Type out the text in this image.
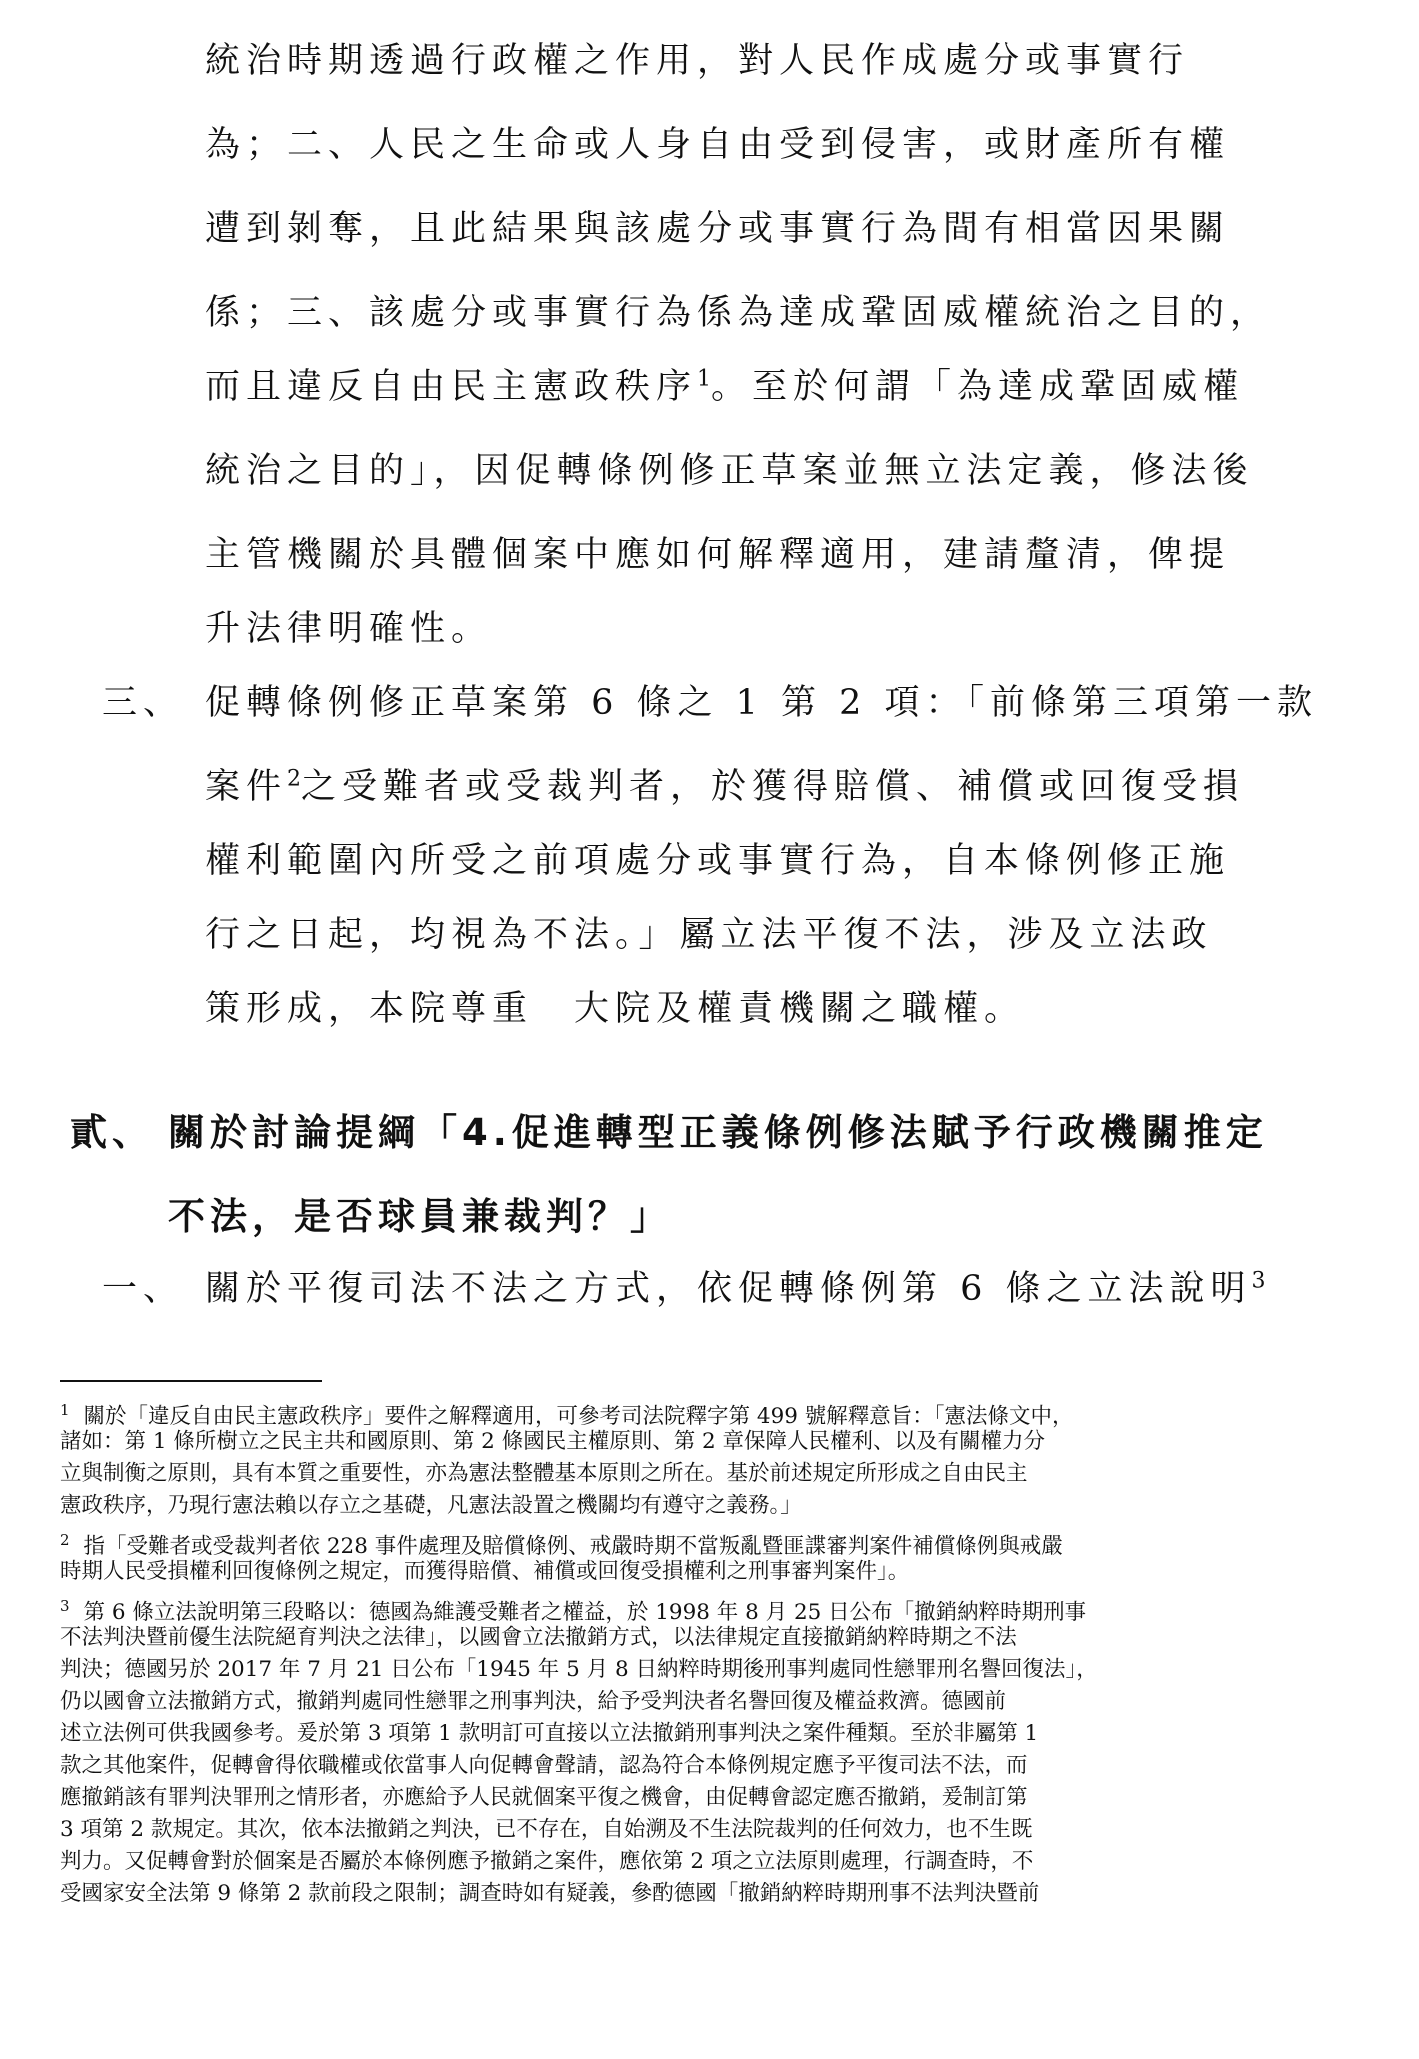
統治時期透過行政權之作用，對人民作成處分或事實行
為；二、人民之生命或人身自由受到侵害，或財產所有權
遭到剝奪，且此結果與該處分或事實行為間有相當因果關
係；三、該處分或事實行為係為達成鞏固威權統治之目的，
而且違反自由民主憲政秩序$^1$。至於何謂「為達成鞏固威權
統治之目的」，因促轉條例修正草案並無立法定義，修法後
主管機關於具體個案中應如何解釋適用，建請釐清，俾提
升法律明確性。
三、 促轉條例修正草案第 6 條之 1 第 2 項：「前條第三項第一款
案件$^2$之受難者或受裁判者，於獲得賠償、補償或回復受損
權利範圍內所受之前項處分或事實行為，自本條例修正施
行之日起，均視為不法。」屬立法平復不法，涉及立法政
策形成，本院尊重　大院及權責機關之職權。
貳、 關於討論提綱「4.促進轉型正義條例修法賦予行政機關推定
不法，是否球員兼裁判？」
一、 關於平復司法不法之方式，依促轉條例第 6 條之立法說明$^3$
$^1$ 關於「違反自由民主憲政秩序」要件之解釋適用，可參考司法院釋字第 499 號解釋意旨：「憲法條文中，
諸如：第 1 條所樹立之民主共和國原則、第 2 條國民主權原則、第 2 章保障人民權利、以及有關權力分
立與制衡之原則，具有本質之重要性，亦為憲法整體基本原則之所在。基於前述規定所形成之自由民主
憲政秩序，乃現行憲法賴以存立之基礎，凡憲法設置之機關均有遵守之義務。」
$^2$ 指「受難者或受裁判者依 228 事件處理及賠償條例、戒嚴時期不當叛亂暨匪諜審判案件補償條例與戒嚴
時期人民受損權利回復條例之規定，而獲得賠償、補償或回復受損權利之刑事審判案件」。
$^3$ 第 6 條立法說明第三段略以：德國為維護受難者之權益，於 1998 年 8 月 25 日公布「撤銷納粹時期刑事
不法判決暨前優生法院絕育判決之法律」，以國會立法撤銷方式，以法律規定直接撤銷納粹時期之不法
判決；德國另於 2017 年 7 月 21 日公布「1945 年 5 月 8 日納粹時期後刑事判處同性戀罪刑名譽回復法」，
仍以國會立法撤銷方式，撤銷判處同性戀罪之刑事判決，給予受判決者名譽回復及權益救濟。德國前
述立法例可供我國參考。爰於第 3 項第 1 款明訂可直接以立法撤銷刑事判決之案件種類。至於非屬第 1
款之其他案件，促轉會得依職權或依當事人向促轉會聲請，認為符合本條例規定應予平復司法不法，而
應撤銷該有罪判決罪刑之情形者，亦應給予人民就個案平復之機會，由促轉會認定應否撤銷，爰制訂第
3 項第 2 款規定。其次，依本法撤銷之判決，已不存在，自始溯及不生法院裁判的任何效力，也不生既
判力。又促轉會對於個案是否屬於本條例應予撤銷之案件，應依第 2 項之立法原則處理，行調查時，不
受國家安全法第 9 條第 2 款前段之限制；調查時如有疑義，參酌德國「撤銷納粹時期刑事不法判決暨前
